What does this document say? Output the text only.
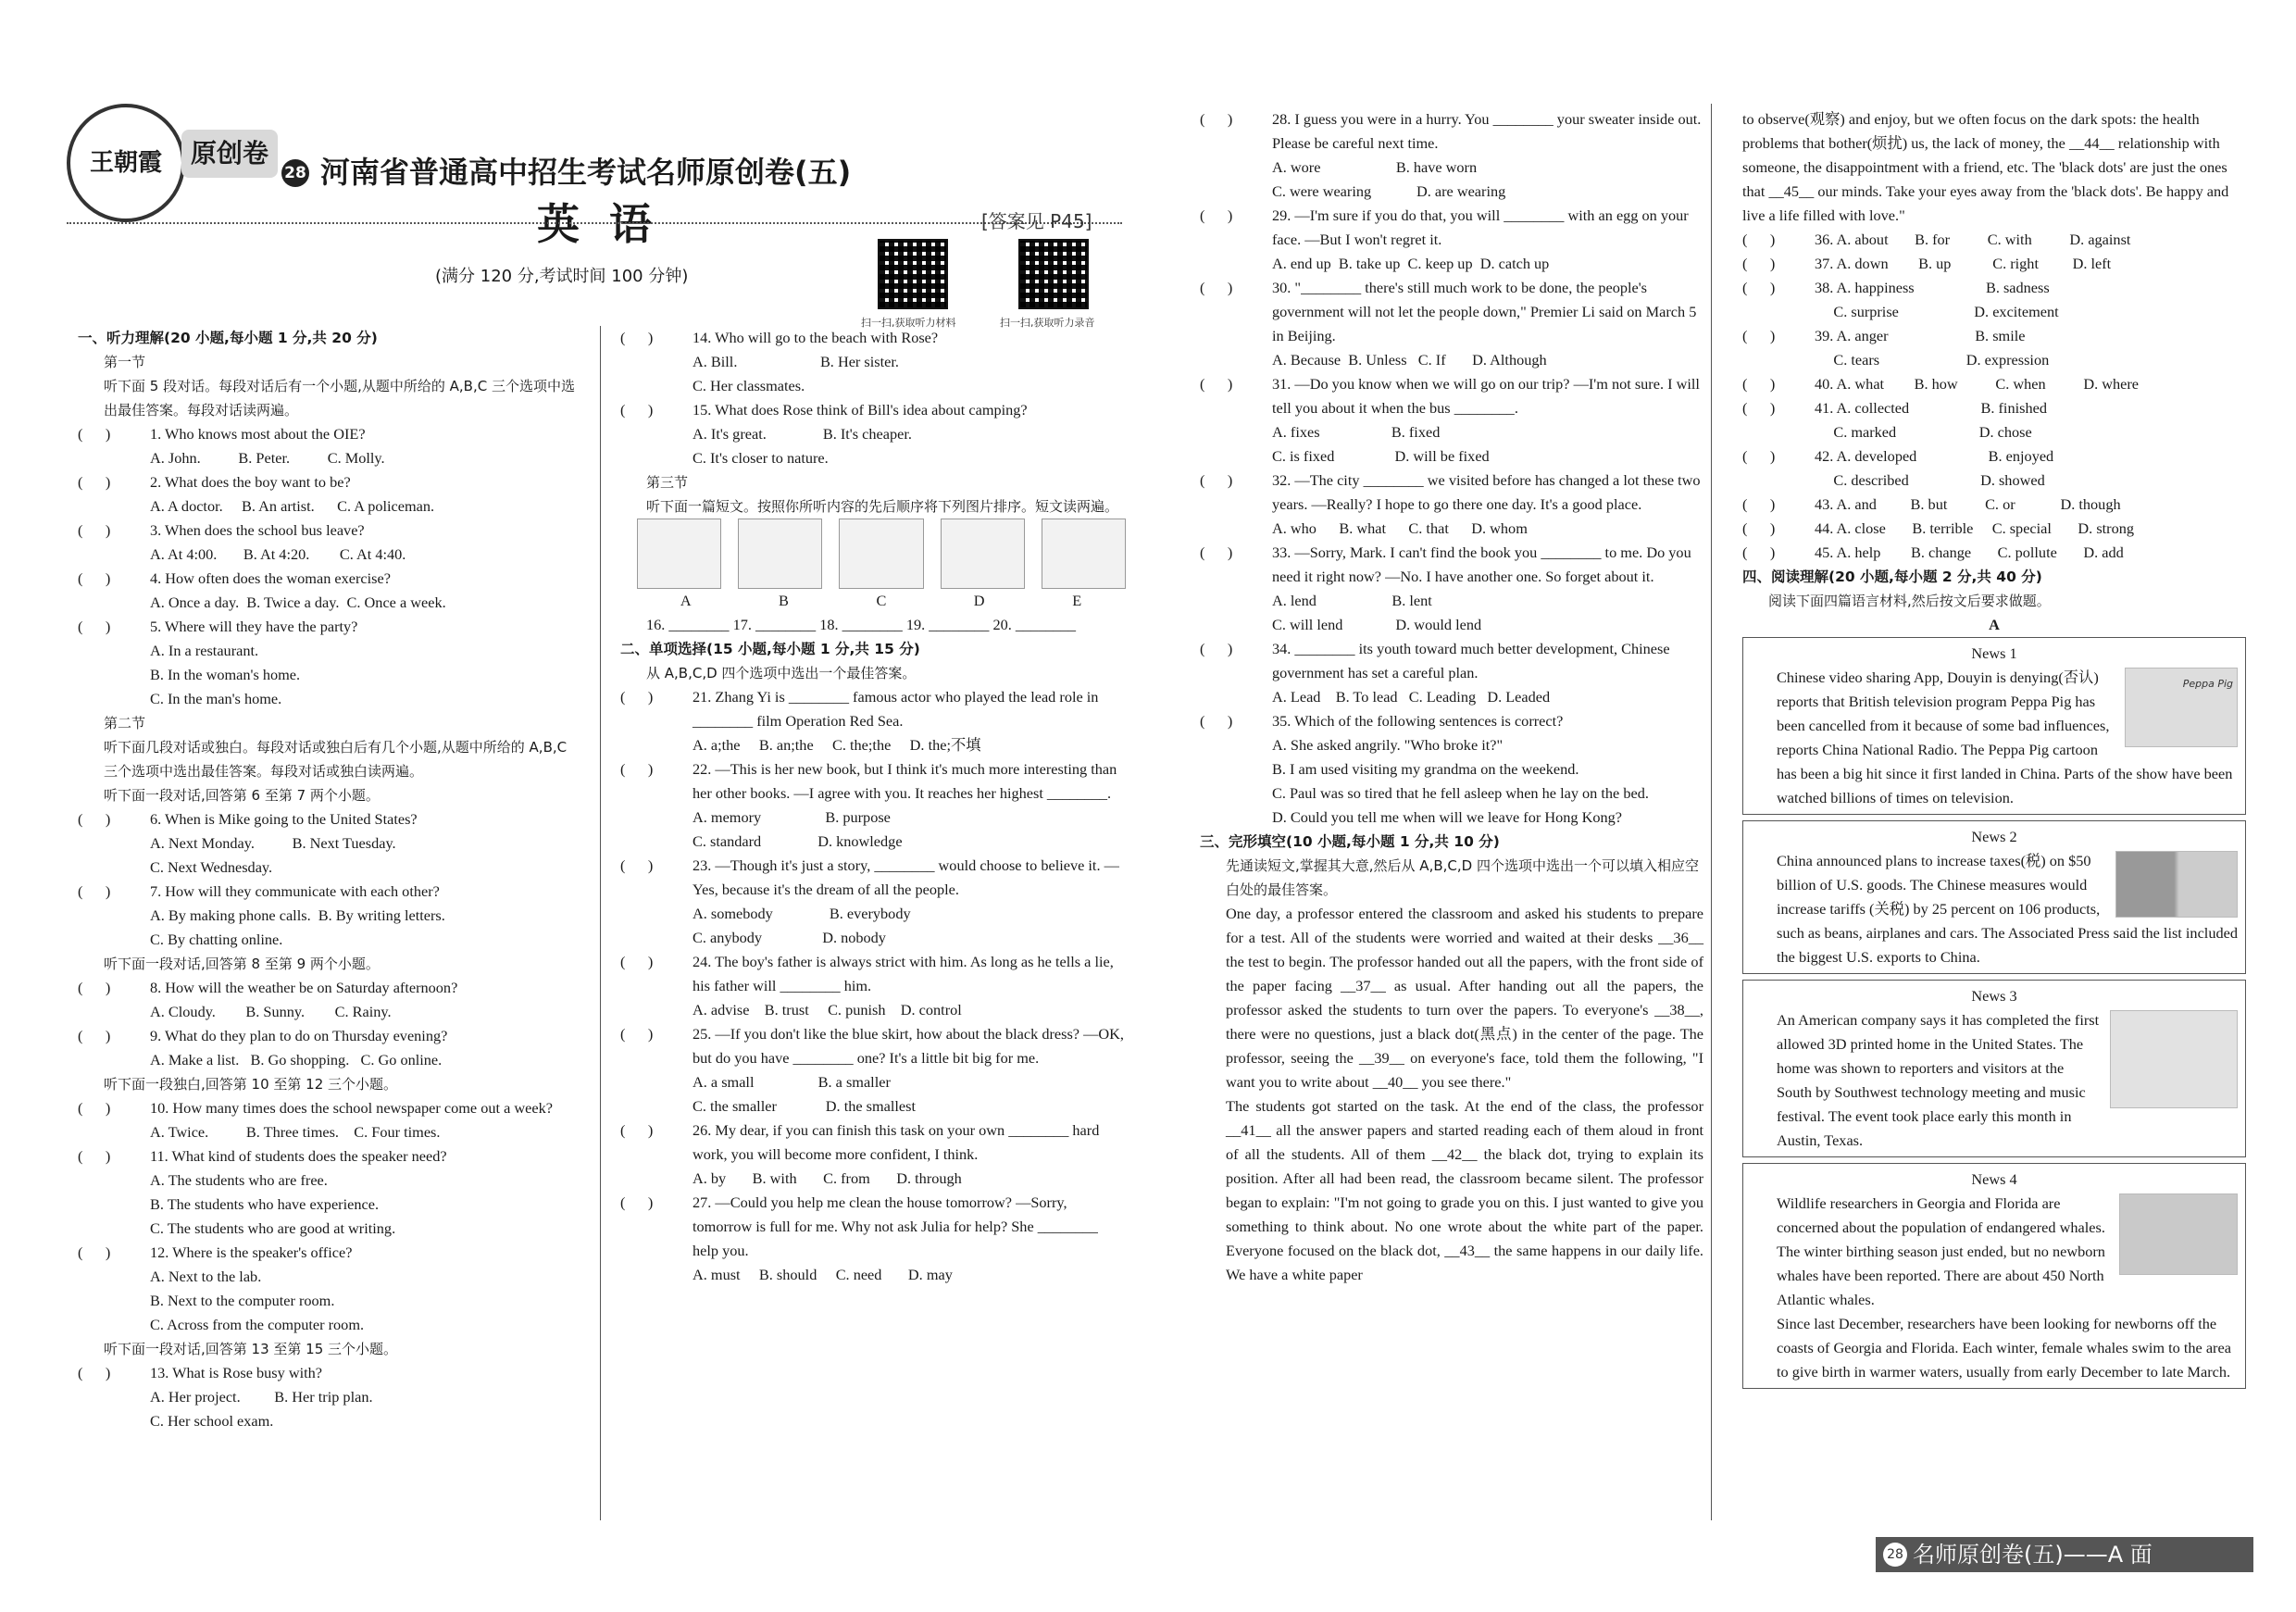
王朝霞 原创卷
28 河南省普通高中招生考试名师原创卷(五)
英 语	[答案见 P45]
(满分 120 分,考试时间 100 分钟)
扫一扫,获取听力材料	扫一扫,获取听力录音

一、听力理解(20 小题,每小题 1 分,共 20 分)

第一节

听下面 5 段对话。每段对话后有一个小题,从题中所给的 A,B,C 三个选项中选出最佳答案。每段对话读两遍。

(      )	1. Who knows most about the OIE?

A. John.          B. Peter.          C. Molly.

(      )	2. What does the boy want to be?

A. A doctor.     B. An artist.      C. A policeman.

(      )	3. When does the school bus leave?

A. At 4:00.       B. At 4:20.        C. At 4:40.

(      )	4. How often does the woman exercise?

A. Once a day.  B. Twice a day.  C. Once a week.

(      )	5. Where will they have the party?

A. In a restaurant.

B. In the woman's home.

C. In the man's home.

第二节

听下面几段对话或独白。每段对话或独白后有几个小题,从题中所给的 A,B,C 三个选项中选出最佳答案。每段对话或独白读两遍。

听下面一段对话,回答第 6 至第 7 两个小题。

(      )	6. When is Mike going to the United States?

A. Next Monday.          B. Next Tuesday.

C. Next Wednesday.

(      )	7. How will they communicate with each other?

A. By making phone calls.  B. By writing letters.

C. By chatting online.

听下面一段对话,回答第 8 至第 9 两个小题。

(      )	8. How will the weather be on Saturday afternoon?

A. Cloudy.        B. Sunny.        C. Rainy.

(      )	9. What do they plan to do on Thursday evening?

A. Make a list.   B. Go shopping.   C. Go online.

听下面一段独白,回答第 10 至第 12 三个小题。

(      )	10. How many times does the school newspaper come out a week?

A. Twice.          B. Three times.    C. Four times.

(      )	11. What kind of students does the speaker need?

A. The students who are free.

B. The students who have experience.

C. The students who are good at writing.

(      )	12. Where is the speaker's office?

A. Next to the lab.

B. Next to the computer room.

C. Across from the computer room.

听下面一段对话,回答第 13 至第 15 三个小题。

(      )	13. What is Rose busy with?

A. Her project.         B. Her trip plan.

C. Her school exam.

(      )	14. Who will go to the beach with Rose?

A. Bill.                      B. Her sister.

C. Her classmates.

(      )	15. What does Rose think of Bill's idea about camping?

A. It's great.               B. It's cheaper.

C. It's closer to nature.

第三节

听下面一篇短文。按照你所听内容的先后顺序将下列图片排序。短文读两遍。

A	B	C	D	E

16. ________ 17. ________ 18. ________ 19. ________ 20. ________

二、单项选择(15 小题,每小题 1 分,共 15 分)

从 A,B,C,D 四个选项中选出一个最佳答案。

(      )	21. Zhang Yi is ________ famous actor who played the lead role in ________ film Operation Red Sea.

A. a;the     B. an;the     C. the;the     D. the;不填

(      )	22. —This is her new book, but I think it's much more interesting than her other books. —I agree with you. It reaches her highest ________.

A. memory                 B. purpose

C. standard               D. knowledge

(      )	23. —Though it's just a story, ________ would choose to believe it. —Yes, because it's the dream of all the people.

A. somebody               B. everybody

C. anybody                D. nobody

(      )	24. The boy's father is always strict with him. As long as he tells a lie, his father will ________ him.

A. advise    B. trust     C. punish    D. control

(      )	25. —If you don't like the blue skirt, how about the black dress? —OK, but do you have ________ one? It's a little bit big for me.

A. a small                 B. a smaller

C. the smaller             D. the smallest

(      )	26. My dear, if you can finish this task on your own ________ hard work, you will become more confident, I think.

A. by       B. with       C. from       D. through

(      )	27. —Could you help me clean the house tomorrow? —Sorry, tomorrow is full for me. Why not ask Julia for help? She ________ help you.

A. must     B. should     C. need       D. may

(      )	28. I guess you were in a hurry. You ________ your sweater inside out. Please be careful next time.

A. wore                    B. have worn

C. were wearing            D. are wearing

(      )	29. —I'm sure if you do that, you will ________ with an egg on your face. —But I won't regret it.

A. end up  B. take up  C. keep up  D. catch up

(      )	30. "________ there's still much work to be done, the people's government will not let the people down," Premier Li said on March 5 in Beijing.

A. Because  B. Unless   C. If       D. Although

(      )	31. —Do you know when we will go on our trip? —I'm not sure. I will tell you about it when the bus ________.

A. fixes                   B. fixed

C. is fixed                D. will be fixed

(      )	32. —The city ________ we visited before has changed a lot these two years. —Really? I hope to go there one day. It's a good place.

A. who      B. what      C. that      D. whom

(      )	33. —Sorry, Mark. I can't find the book you ________ to me. Do you need it right now? —No. I have another one. So forget about it.

A. lend                    B. lent

C. will lend              D. would lend

(      )	34. ________ its youth toward much better development, Chinese government has set a careful plan.

A. Lead    B. To lead   C. Leading   D. Leaded

(      )	35. Which of the following sentences is correct?

A. She asked angrily. "Who broke it?"

B. I am used visiting my grandma on the weekend.

C. Paul was so tired that he fell asleep when he lay on the bed.

D. Could you tell me when will we leave for Hong Kong?

三、完形填空(10 小题,每小题 1 分,共 10 分)

先通读短文,掌握其大意,然后从 A,B,C,D 四个选项中选出一个可以填入相应空白处的最佳答案。

One day, a professor entered the classroom and asked his students to prepare for a test. All of the students were worried and waited at their desks __36__ the test to begin. The professor handed out all the papers, with the front side of the paper facing __37__ as usual. After handing out all the papers, the professor asked the students to turn over the papers. To everyone's __38__, there were no questions, just a black dot(黑点) in the center of the page. The professor, seeing the __39__ on everyone's face, told them the following, "I want you to write about __40__ you see there."

The students got started on the task. At the end of the class, the professor __41__ all the answer papers and started reading each of them aloud in front of all the students. All of them __42__ the black dot, trying to explain its position. After all had been read, the classroom became silent. The professor began to explain: "I'm not going to grade you on this. I just wanted to give you something to think about. No one wrote about the white part of the paper. Everyone focused on the black dot, __43__ the same happens in our daily life. We have a white paper

to observe(观察) and enjoy, but we often focus on the dark spots: the health problems that bother(烦扰) us, the lack of money, the __44__ relationship with someone, the disappointment with a friend, etc. The 'black dots' are just the ones that __45__ our minds. Take your eyes away from the 'black dots'. Be happy and live a life filled with love."

(      )	36. A. about       B. for          C. with          D. against
(      )	37. A. down        B. up           C. right         D. left
(      )	38. A. happiness                   B. sadness
C. surprise                    D. excitement
(      )	39. A. anger                       B. smile
C. tears                       D. expression
(      )	40. A. what        B. how          C. when          D. where
(      )	41. A. collected                   B. finished
C. marked                      D. chose
(      )	42. A. developed                   B. enjoyed
C. described                   D. showed
(      )	43. A. and         B. but          C. or            D. though
(      )	44. A. close       B. terrible     C. special       D. strong
(      )	45. A. help        B. change       C. pollute       D. add

四、阅读理解(20 小题,每小题 2 分,共 40 分)

阅读下面四篇语言材料,然后按文后要求做题。

A

News 1
Peppa Pig

Chinese video sharing App, Douyin is denying(否认) reports that British television program Peppa Pig has been cancelled from it because of some bad influences, reports China National Radio. The Peppa Pig cartoon has been a big hit since it first landed in China. Parts of the show have been watched billions of times on television.

News 2

China announced plans to increase taxes(税) on $50 billion of U.S. goods. The Chinese measures would increase tariffs (关税) by 25 percent on 106 products, such as beans, airplanes and cars. The Associated Press said the list included the biggest U.S. exports to China.

News 3

An American company says it has completed the first allowed 3D printed home in the United States. The home was shown to reporters and visitors at the South by Southwest technology meeting and music festival. The event took place early this month in Austin, Texas.

News 4

Wildlife researchers in Georgia and Florida are concerned about the population of endangered whales. The winter birthing season just ended, but no newborn whales have been reported. There are about 450 North Atlantic whales.

Since last December, researchers have been looking for newborns off the coasts of Georgia and Florida. Each winter, female whales swim to the area to give birth in warmer waters, usually from early December to late March.

28 名师原创卷(五)——A 面
